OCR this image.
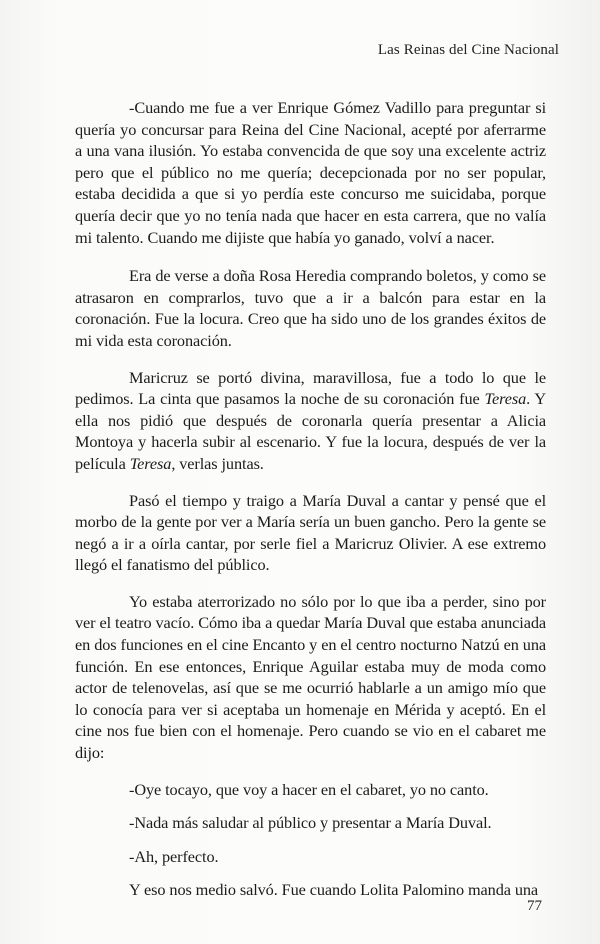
Las Reinas del Cine Nacional

-Cuando me fue a ver Enrique Gómez Vadillo para preguntar si quería yo concursar para Reina del Cine Nacional, acepté por aferrarme a una vana ilusión. Yo estaba convencida de que soy una excelente actriz pero que el público no me quería; decepcionada por no ser popular, estaba decidida a que si yo perdía este concurso me suicidaba, porque quería decir que yo no tenía nada que hacer en esta carrera, que no valía mi talento. Cuando me dijiste que había yo ganado, volví a nacer.

Era de verse a doña Rosa Heredia comprando boletos, y como se atrasaron en comprarlos, tuvo que a ir a balcón para estar en la coronación. Fue la locura. Creo que ha sido uno de los grandes éxitos de mi vida esta coronación.

Maricruz se portó divina, maravillosa, fue a todo lo que le pedimos. La cinta que pasamos la noche de su coronación fue Teresa. Y ella nos pidió que después de coronarla quería presentar a Alicia Montoya y hacerla subir al escenario. Y fue la locura, después de ver la película Teresa, verlas juntas.

Pasó el tiempo y traigo a María Duval a cantar y pensé que el morbo de la gente por ver a María sería un buen gancho. Pero la gente se negó a ir a oírla cantar, por serle fiel a Maricruz Olivier. A ese extremo llegó el fanatismo del público.

Yo estaba aterrorizado no sólo por lo que iba a perder, sino por ver el teatro vacío. Cómo iba a quedar María Duval que estaba anunciada en dos funciones en el cine Encanto y en el centro nocturno Natzú en una función. En ese entonces, Enrique Aguilar estaba muy de moda como actor de telenovelas, así que se me ocurrió hablarle a un amigo mío que lo conocía para ver si aceptaba un homenaje en Mérida y aceptó. En el cine nos fue bien con el homenaje. Pero cuando se vio en el cabaret me dijo:

-Oye tocayo, que voy a hacer en el cabaret, yo no canto.

-Nada más saludar al público y presentar a María Duval.

-Ah, perfecto.

Y eso nos medio salvó. Fue cuando Lolita Palomino manda una

77
